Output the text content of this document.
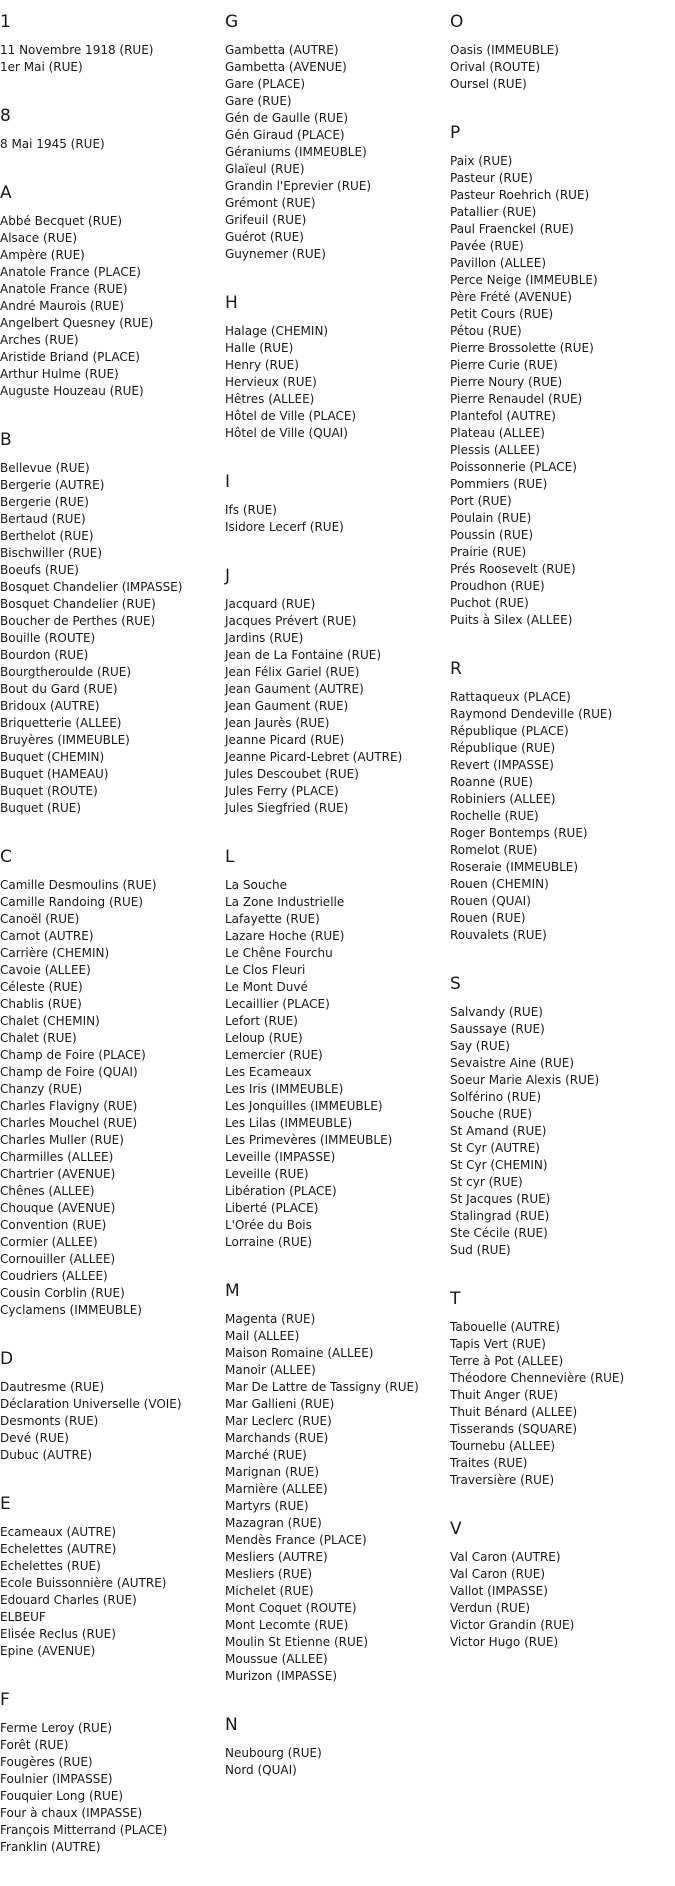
1
11 Novembre 1918 (RUE)
1er Mai (RUE)
8
8 Mai 1945 (RUE)
A
Abbé Becquet (RUE)
Alsace (RUE)
Ampère (RUE)
Anatole France (PLACE)
Anatole France (RUE)
André Maurois (RUE)
Angelbert Quesney (RUE)
Arches (RUE)
Aristide Briand (PLACE)
Arthur Hulme (RUE)
Auguste Houzeau (RUE)
B
Bellevue (RUE)
Bergerie (AUTRE)
Bergerie (RUE)
Bertaud (RUE)
Berthelot (RUE)
Bischwiller (RUE)
Boeufs (RUE)
Bosquet Chandelier (IMPASSE)
Bosquet Chandelier (RUE)
Boucher de Perthes (RUE)
Bouille (ROUTE)
Bourdon (RUE)
Bourgtheroulde (RUE)
Bout du Gard (RUE)
Bridoux (AUTRE)
Briquetterie (ALLEE)
Bruyères (IMMEUBLE)
Buquet (CHEMIN)
Buquet (HAMEAU)
Buquet (ROUTE)
Buquet (RUE)
C
Camille Desmoulins (RUE)
Camille Randoing (RUE)
Canoël (RUE)
Carnot (AUTRE)
Carrière (CHEMIN)
Cavoie (ALLEE)
Céleste (RUE)
Chablis (RUE)
Chalet (CHEMIN)
Chalet (RUE)
Champ de Foire (PLACE)
Champ de Foire (QUAI)
Chanzy (RUE)
Charles Flavigny (RUE)
Charles Mouchel (RUE)
Charles Muller (RUE)
Charmilles (ALLEE)
Chartrier (AVENUE)
Chênes (ALLEE)
Chouque (AVENUE)
Convention (RUE)
Cormier (ALLEE)
Cornouiller (ALLEE)
Coudriers (ALLEE)
Cousin Corblin (RUE)
Cyclamens (IMMEUBLE)
D
Dautresme (RUE)
Déclaration Universelle (VOIE)
Desmonts (RUE)
Devé (RUE)
Dubuc (AUTRE)
E
Ecameaux (AUTRE)
Echelettes (AUTRE)
Echelettes (RUE)
Ecole Buissonnière (AUTRE)
Edouard Charles (RUE)
ELBEUF
Elisée Reclus (RUE)
Epine (AVENUE)
F
Ferme Leroy (RUE)
Forêt (RUE)
Fougères (RUE)
Foulnier (IMPASSE)
Fouquier Long (RUE)
Four à chaux (IMPASSE)
François Mitterrand (PLACE)
Franklin (AUTRE)
G
Gambetta (AUTRE)
Gambetta (AVENUE)
Gare (PLACE)
Gare (RUE)
Gén de Gaulle (RUE)
Gén Giraud (PLACE)
Géraniums (IMMEUBLE)
Glaïeul (RUE)
Grandin l'Eprevier (RUE)
Grémont (RUE)
Grifeuil (RUE)
Guérot (RUE)
Guynemer (RUE)
H
Halage (CHEMIN)
Halle (RUE)
Henry (RUE)
Hervieux (RUE)
Hêtres (ALLEE)
Hôtel de Ville (PLACE)
Hôtel de Ville (QUAI)
I
Ifs (RUE)
Isidore Lecerf (RUE)
J
Jacquard (RUE)
Jacques Prévert (RUE)
Jardins (RUE)
Jean de La Fontaine (RUE)
Jean Félix Gariel (RUE)
Jean Gaument (AUTRE)
Jean Gaument (RUE)
Jean Jaurès (RUE)
Jeanne Picard (RUE)
Jeanne Picard-Lebret (AUTRE)
Jules Descoubet (RUE)
Jules Ferry (PLACE)
Jules Siegfried (RUE)
L
La Souche
La Zone Industrielle
Lafayette (RUE)
Lazare Hoche (RUE)
Le Chêne Fourchu
Le Clos Fleuri
Le Mont Duvé
Lecaillier (PLACE)
Lefort (RUE)
Leloup (RUE)
Lemercier (RUE)
Les Ecameaux
Les Iris (IMMEUBLE)
Les Jonquilles (IMMEUBLE)
Les Lilas (IMMEUBLE)
Les Primevères (IMMEUBLE)
Leveille (IMPASSE)
Leveille (RUE)
Libération (PLACE)
Liberté (PLACE)
L'Orée du Bois
Lorraine (RUE)
M
Magenta (RUE)
Mail (ALLEE)
Maison Romaine (ALLEE)
Manoir (ALLEE)
Mar De Lattre de Tassigny (RUE)
Mar Gallieni (RUE)
Mar Leclerc (RUE)
Marchands (RUE)
Marché (RUE)
Marignan (RUE)
Marnière (ALLEE)
Martyrs (RUE)
Mazagran (RUE)
Mendès France (PLACE)
Mesliers (AUTRE)
Mesliers (RUE)
Michelet (RUE)
Mont Coquet (ROUTE)
Mont Lecomte (RUE)
Moulin St Etienne (RUE)
Moussue (ALLEE)
Murizon (IMPASSE)
N
Neubourg (RUE)
Nord (QUAI)
O
Oasis (IMMEUBLE)
Orival (ROUTE)
Oursel (RUE)
P
Paix (RUE)
Pasteur (RUE)
Pasteur Roehrich (RUE)
Patallier (RUE)
Paul Fraenckel (RUE)
Pavée (RUE)
Pavillon (ALLEE)
Perce Neige (IMMEUBLE)
Père Frété (AVENUE)
Petit Cours (RUE)
Pétou (RUE)
Pierre Brossolette (RUE)
Pierre Curie (RUE)
Pierre Noury (RUE)
Pierre Renaudel (RUE)
Plantefol (AUTRE)
Plateau (ALLEE)
Plessis (ALLEE)
Poissonnerie (PLACE)
Pommiers (RUE)
Port (RUE)
Poulain (RUE)
Poussin (RUE)
Prairie (RUE)
Prés Roosevelt (RUE)
Proudhon (RUE)
Puchot (RUE)
Puits à Silex (ALLEE)
R
Rattaqueux (PLACE)
Raymond Dendeville (RUE)
République (PLACE)
République (RUE)
Revert (IMPASSE)
Roanne (RUE)
Robiniers (ALLEE)
Rochelle (RUE)
Roger Bontemps (RUE)
Romelot (RUE)
Roseraie (IMMEUBLE)
Rouen (CHEMIN)
Rouen (QUAI)
Rouen (RUE)
Rouvalets (RUE)
S
Salvandy (RUE)
Saussaye (RUE)
Say (RUE)
Sevaistre Aine (RUE)
Soeur Marie Alexis (RUE)
Solférino (RUE)
Souche (RUE)
St Amand (RUE)
St Cyr (AUTRE)
St Cyr (CHEMIN)
St cyr (RUE)
St Jacques (RUE)
Stalingrad (RUE)
Ste Cécile (RUE)
Sud (RUE)
T
Tabouelle (AUTRE)
Tapis Vert (RUE)
Terre à Pot (ALLEE)
Théodore Chennevière (RUE)
Thuit Anger (RUE)
Thuit Bénard (ALLEE)
Tisserands (SQUARE)
Tournebu (ALLEE)
Traites (RUE)
Traversière (RUE)
V
Val Caron (AUTRE)
Val Caron (RUE)
Vallot (IMPASSE)
Verdun (RUE)
Victor Grandin (RUE)
Victor Hugo (RUE)
